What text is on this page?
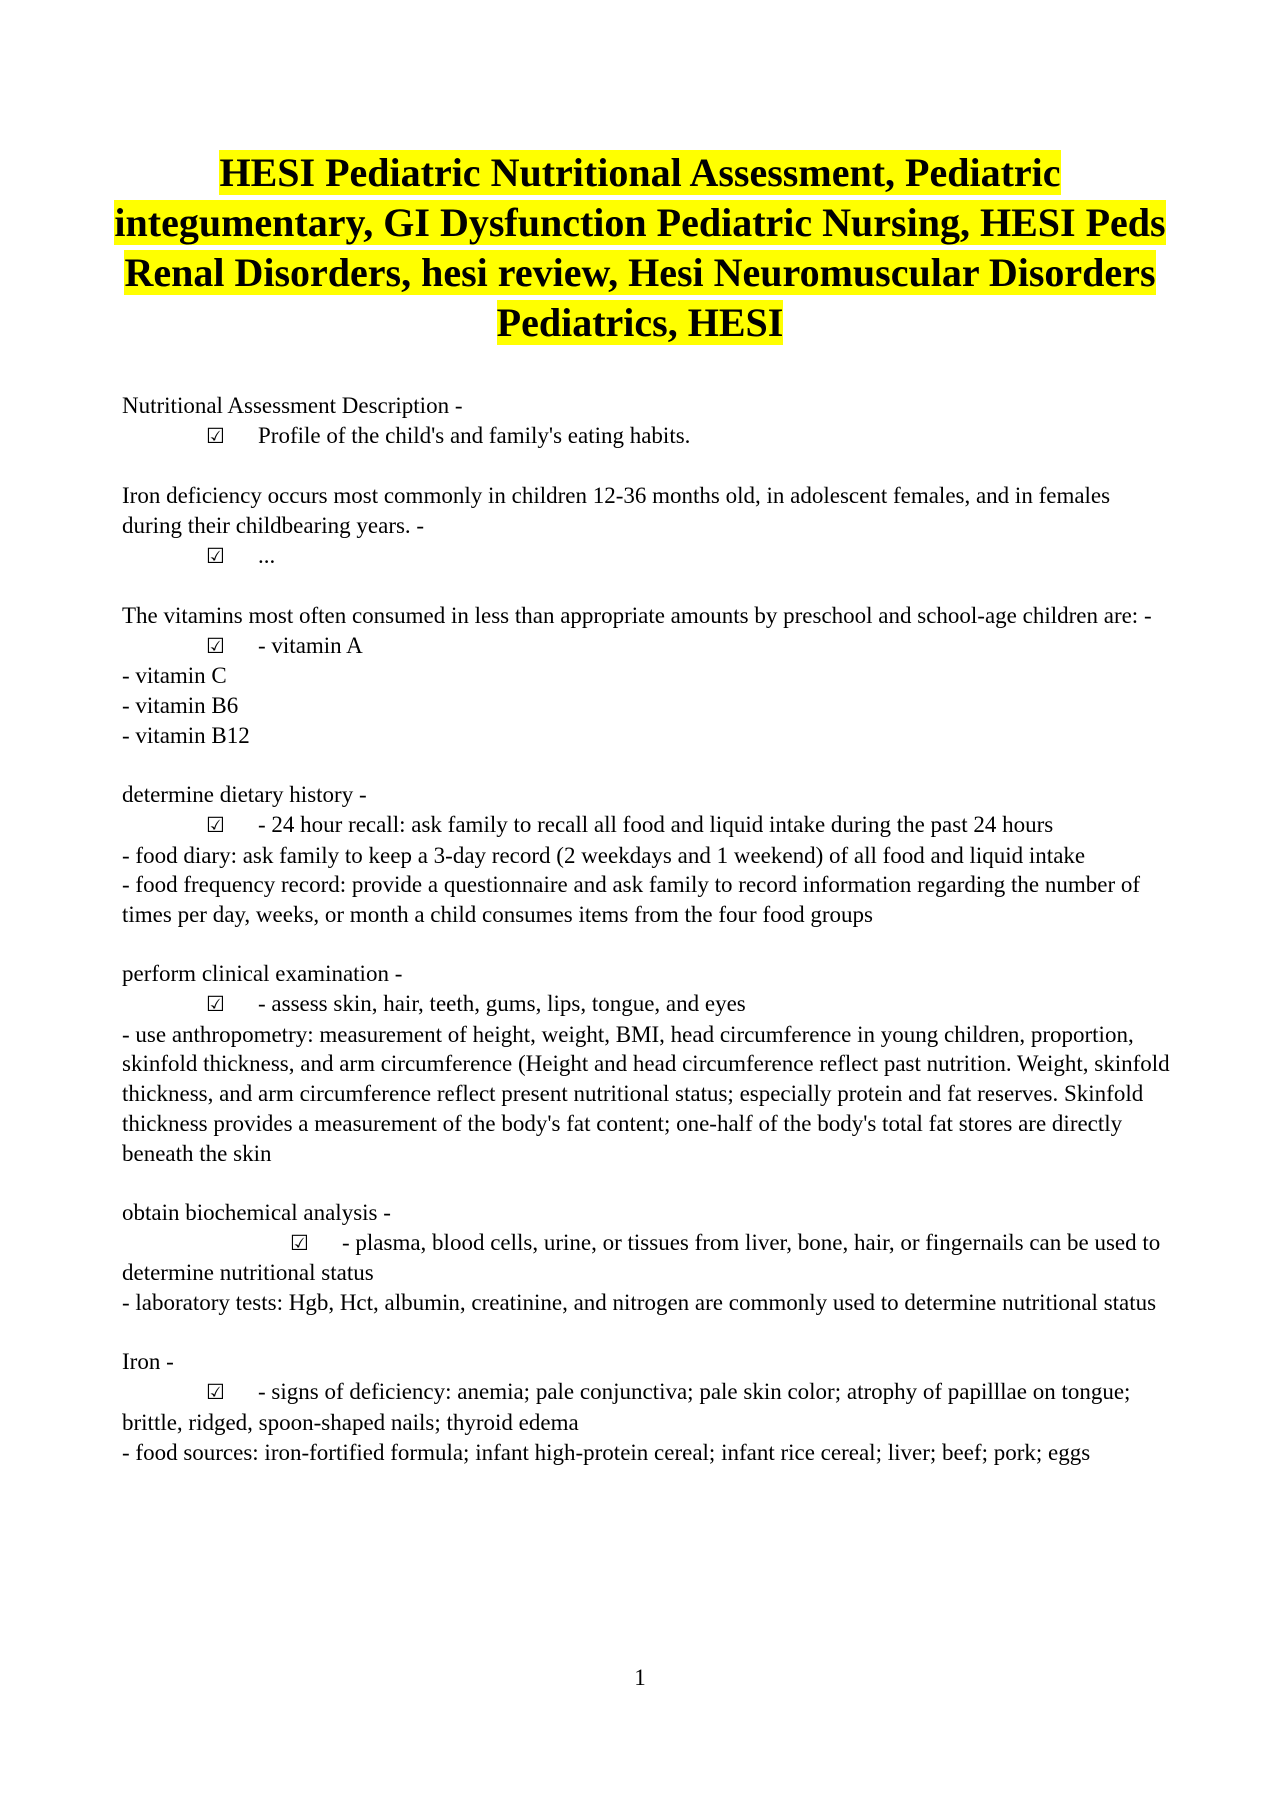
HESI Pediatric Nutritional Assessment, Pediatric integumentary, GI Dysfunction Pediatric Nursing, HESI Peds Renal Disorders, hesi review, Hesi Neuromuscular Disorders Pediatrics, HESI
Nutritional Assessment Description -
☑ Profile of the child's and family's eating habits.
Iron deficiency occurs most commonly in children 12-36 months old, in adolescent females, and in females during their childbearing years. -
☑ ...
The vitamins most often consumed in less than appropriate amounts by preschool and school-age children are: -
☑ - vitamin A
- vitamin C
- vitamin B6
- vitamin B12
determine dietary history -
☑ - 24 hour recall: ask family to recall all food and liquid intake during the past 24 hours
- food diary: ask family to keep a 3-day record (2 weekdays and 1 weekend) of all food and liquid intake
- food frequency record: provide a questionnaire and ask family to record information regarding the number of times per day, weeks, or month a child consumes items from the four food groups
perform clinical examination -
☑ - assess skin, hair, teeth, gums, lips, tongue, and eyes
- use anthropometry: measurement of height, weight, BMI, head circumference in young children, proportion, skinfold thickness, and arm circumference (Height and head circumference reflect past nutrition. Weight, skinfold thickness, and arm circumference reflect present nutritional status; especially protein and fat reserves. Skinfold thickness provides a measurement of the body's fat content; one-half of the body's total fat stores are directly beneath the skin
obtain biochemical analysis -
☑ - plasma, blood cells, urine, or tissues from liver, bone, hair, or fingernails can be used to determine nutritional status
- laboratory tests: Hgb, Hct, albumin, creatinine, and nitrogen are commonly used to determine nutritional status
Iron -
☑ - signs of deficiency: anemia; pale conjunctiva; pale skin color; atrophy of papilllae on tongue; brittle, ridged, spoon-shaped nails; thyroid edema
- food sources: iron-fortified formula; infant high-protein cereal; infant rice cereal; liver; beef; pork; eggs
1
